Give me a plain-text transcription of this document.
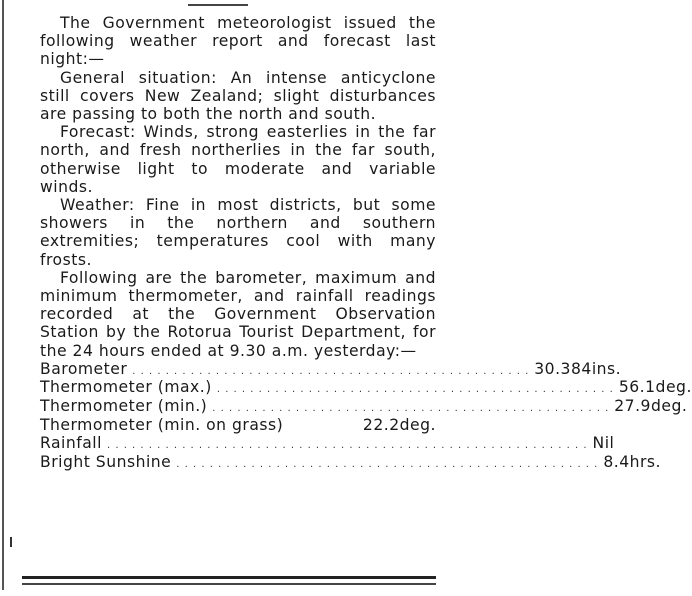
The Government meteorologist issued the following weather report and forecast last night:—

General situation: An intense anticyclone still covers New Zealand; slight disturbances are passing to both the north and south.

Forecast: Winds, strong easterlies in the far north, and fresh northerlies in the far south, otherwise light to moderate and variable winds.

Weather: Fine in most districts, but some showers in the northern and southern extremities; temperatures cool with many frosts.

Following are the barometer, maximum and minimum thermometer, and rainfall readings recorded at the Government Observation Station by the Rotorua Tourist Department, for the 24 hours ended at 9.30 a.m. yesterday:—

Barometer . . . . . . . . . . . . . . . . . . . . . . . . . . . . . . . . . . . . . . . . . . . . . . . . 30.384ins.
Thermometer (max.) . . . . . . . . . . . . . . . . . . . . . . . . . . . . . . . . . . . . . . . . . . . . . . . . 56.1deg.
Thermometer (min.) . . . . . . . . . . . . . . . . . . . . . . . . . . . . . . . . . . . . . . . . . . . . . . . . 27.9deg.
Thermometer (min. on grass)	22.2deg.
Rainfall . . . . . . . . . . . . . . . . . . . . . . . . . . . . . . . . . . . . . . . . . . . . . . . . . . . . . . . . . . Nil
Bright Sunshine . . . . . . . . . . . . . . . . . . . . . . . . . . . . . . . . . . . . . . . . . . . . . . . . . . . 8.4hrs.
